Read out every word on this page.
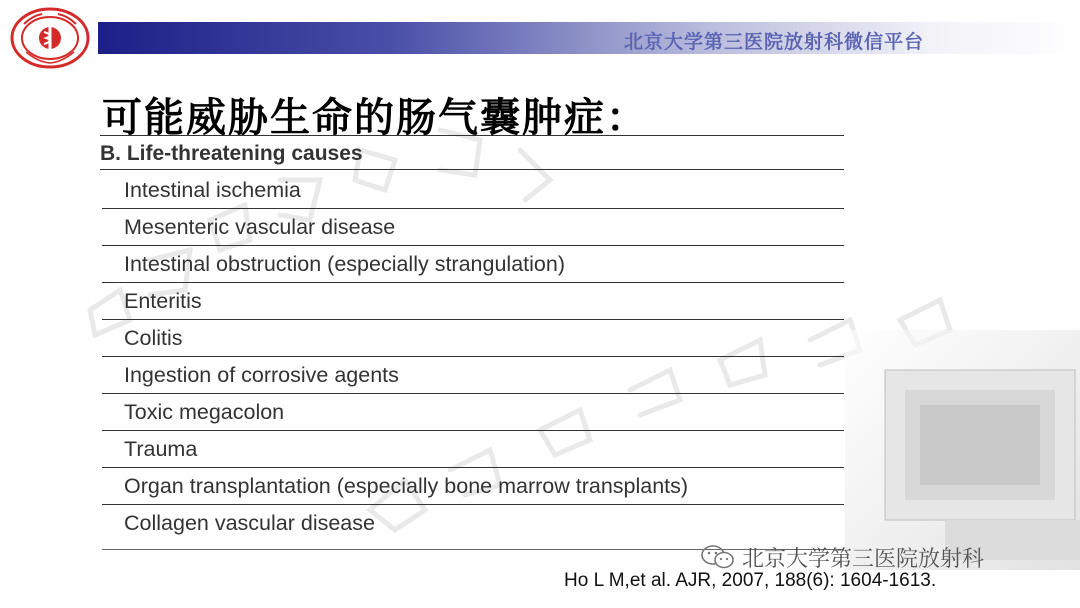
北京大学第三医院放射科微信平台
可能威胁生命的肠气囊肿症：
B. Life-threatening causes
Intestinal ischemia
Mesenteric vascular disease
Intestinal obstruction (especially strangulation)
Enteritis
Colitis
Ingestion of corrosive agents
Toxic megacolon
Trauma
Organ transplantation (especially bone marrow transplants)
Collagen vascular disease
北京大学第三医院放射科
Ho L M,et al. AJR, 2007, 188(6): 1604-1613.
